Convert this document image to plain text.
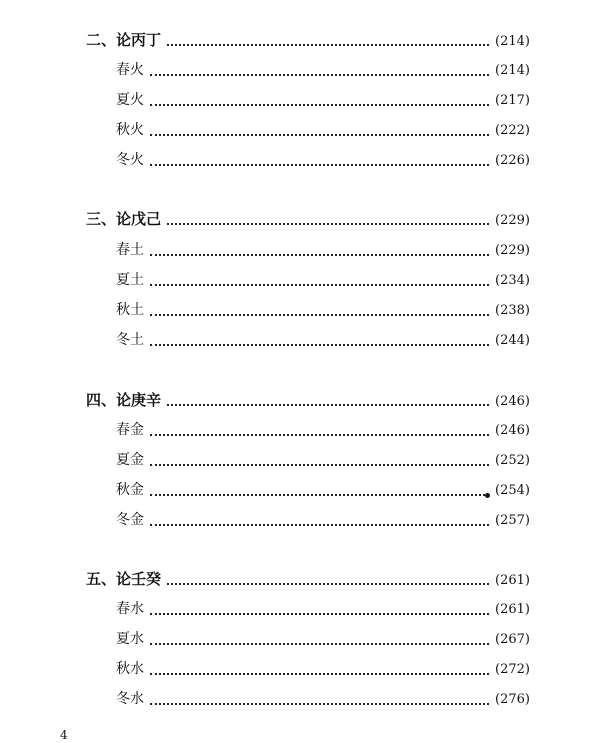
二、论丙丁	(214)
春火	(214)
夏火	(217)
秋火	(222)
冬火	(226)
三、论戊己	(229)
春土	(229)
夏土	(234)
秋土	(238)
冬土	(244)
四、论庚辛	(246)
春金	(246)
夏金	(252)
秋金	(254)
冬金	(257)
五、论壬癸	(261)
春水	(261)
夏水	(267)
秋水	(272)
冬水	(276)
4
